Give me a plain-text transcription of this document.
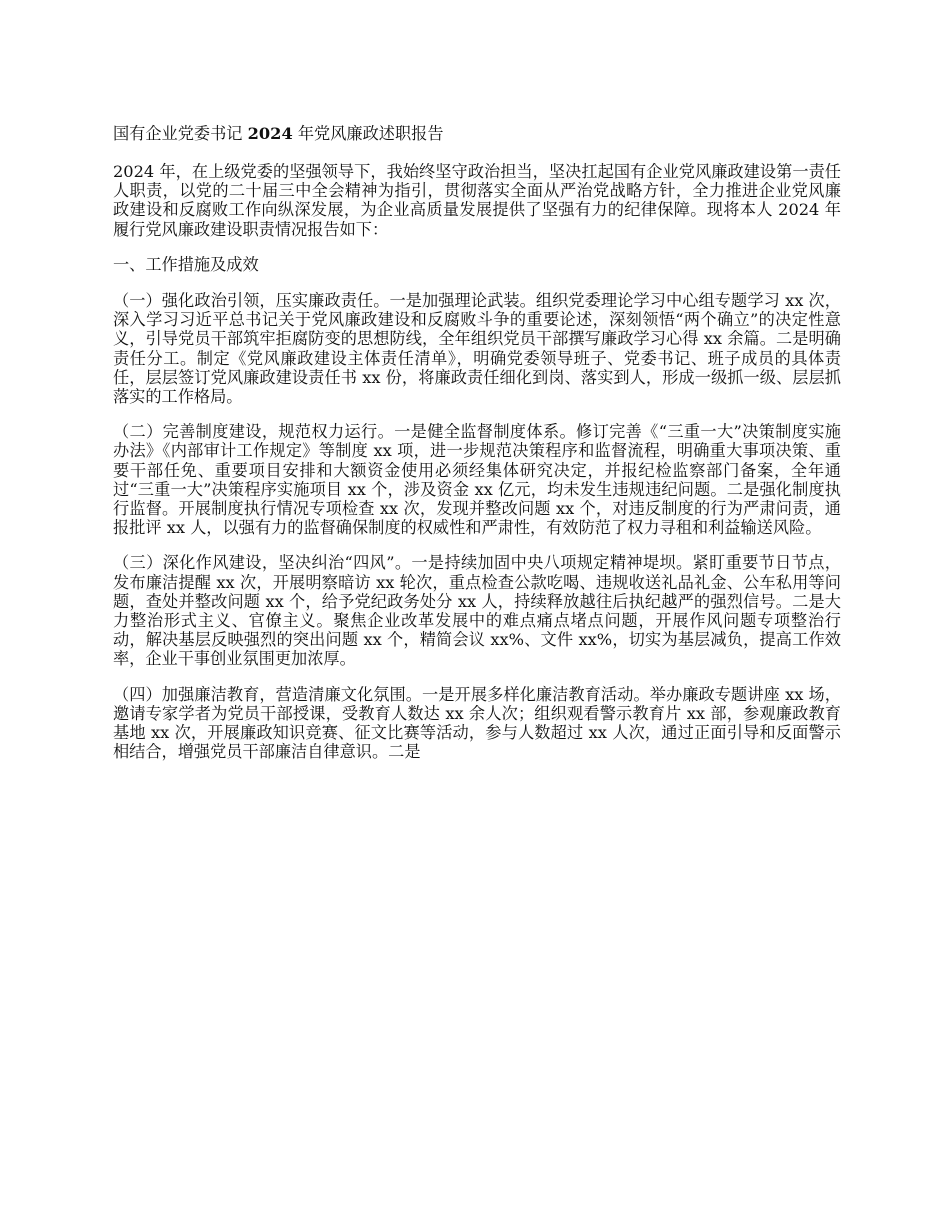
国有企业党委书记 2024 年党风廉政述职报告

2024 年，在上级党委的坚强领导下，我始终坚守政治担当，坚决扛起国有企业党风廉政建设第一责任人职责，以党的二十届三中全会精神为指引，贯彻落实全面从严治党战略方针，全力推进企业党风廉政建设和反腐败工作向纵深发展，为企业高质量发展提供了坚强有力的纪律保障。现将本人 2024 年履行党风廉政建设职责情况报告如下：

一、工作措施及成效

（一）强化政治引领，压实廉政责任。一是加强理论武装。组织党委理论学习中心组专题学习 xx 次，深入学习习近平总书记关于党风廉政建设和反腐败斗争的重要论述，深刻领悟“两个确立”的决定性意义，引导党员干部筑牢拒腐防变的思想防线，全年组织党员干部撰写廉政学习心得 xx 余篇。二是明确责任分工。制定《党风廉政建设主体责任清单》，明确党委领导班子、党委书记、班子成员的具体责任，层层签订党风廉政建设责任书 xx 份，将廉政责任细化到岗、落实到人，形成一级抓一级、层层抓落实的工作格局。

（二）完善制度建设，规范权力运行。一是健全监督制度体系。修订完善《“三重一大”决策制度实施办法》《内部审计工作规定》等制度 xx 项，进一步规范决策程序和监督流程，明确重大事项决策、重要干部任免、重要项目安排和大额资金使用必须经集体研究决定，并报纪检监察部门备案，全年通过“三重一大”决策程序实施项目 xx 个，涉及资金 xx 亿元，均未发生违规违纪问题。二是强化制度执行监督。开展制度执行情况专项检查 xx 次，发现并整改问题 xx 个，对违反制度的行为严肃问责，通报批评 xx 人，以强有力的监督确保制度的权威性和严肃性，有效防范了权力寻租和利益输送风险。

（三）深化作风建设，坚决纠治“四风”。一是持续加固中央八项规定精神堤坝。紧盯重要节日节点，发布廉洁提醒 xx 次，开展明察暗访 xx 轮次，重点检查公款吃喝、违规收送礼品礼金、公车私用等问题，查处并整改问题 xx 个，给予党纪政务处分 xx 人，持续释放越往后执纪越严的强烈信号。二是大力整治形式主义、官僚主义。聚焦企业改革发展中的难点痛点堵点问题，开展作风问题专项整治行动，解决基层反映强烈的突出问题 xx 个，精简会议 xx%、文件 xx%，切实为基层减负，提高工作效率，企业干事创业氛围更加浓厚。

（四）加强廉洁教育，营造清廉文化氛围。一是开展多样化廉洁教育活动。举办廉政专题讲座 xx 场，邀请专家学者为党员干部授课，受教育人数达 xx 余人次；组织观看警示教育片 xx 部，参观廉政教育基地 xx 次，开展廉政知识竞赛、征文比赛等活动，参与人数超过 xx 人次，通过正面引导和反面警示相结合，增强党员干部廉洁自律意识。二是
